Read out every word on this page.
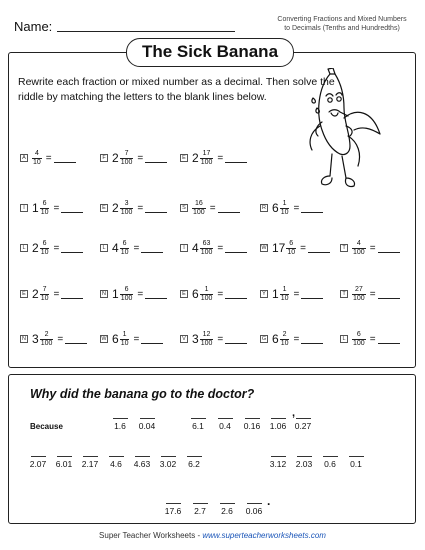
Name:	Converting Fractions and Mixed Numbers
to Decimals (Tenths and Hundredths)
The Sick Banana
Rewrite each fraction or mixed number as a decimal. Then solve the riddle by matching the letters to the blank lines below.
A $\frac{4}{10}$ =	F $2 \frac{7}{100}$ =	E $2 \frac{17}{100}$ =
I $1 \frac{6}{10}$ =	E $2 \frac{3}{100}$ =	S $\frac{16}{100}$ =	R $6 \frac{1}{10}$ =
L $2 \frac{6}{10}$ =	L $4 \frac{6}{10}$ =	I $4 \frac{63}{100}$ =	W $17 \frac{6}{10}$ =	T $\frac{4}{100}$ =
E $2 \frac{7}{10}$ =	N $1 \frac{6}{100}$ =	E $6 \frac{1}{100}$ =	Y $1 \frac{1}{10}$ =	T $\frac{27}{100}$ =
N $3 \frac{2}{100}$ =	W $6 \frac{1}{10}$ =	V $3 \frac{12}{100}$ =	G $6 \frac{2}{10}$ =	L $\frac{6}{100}$ =
Why did the banana go to the doctor?
Because	1.6	0.04	6.1	0.4	0.16 1.06 0.27
2.07 6.01 2.17	4.6	4.63 3.02	6.2	3.12 2.03	0.6	0.1
17.6	2.7	2.6	0.06
,
.
Super Teacher Worksheets - www.superteacherworksheets.com
